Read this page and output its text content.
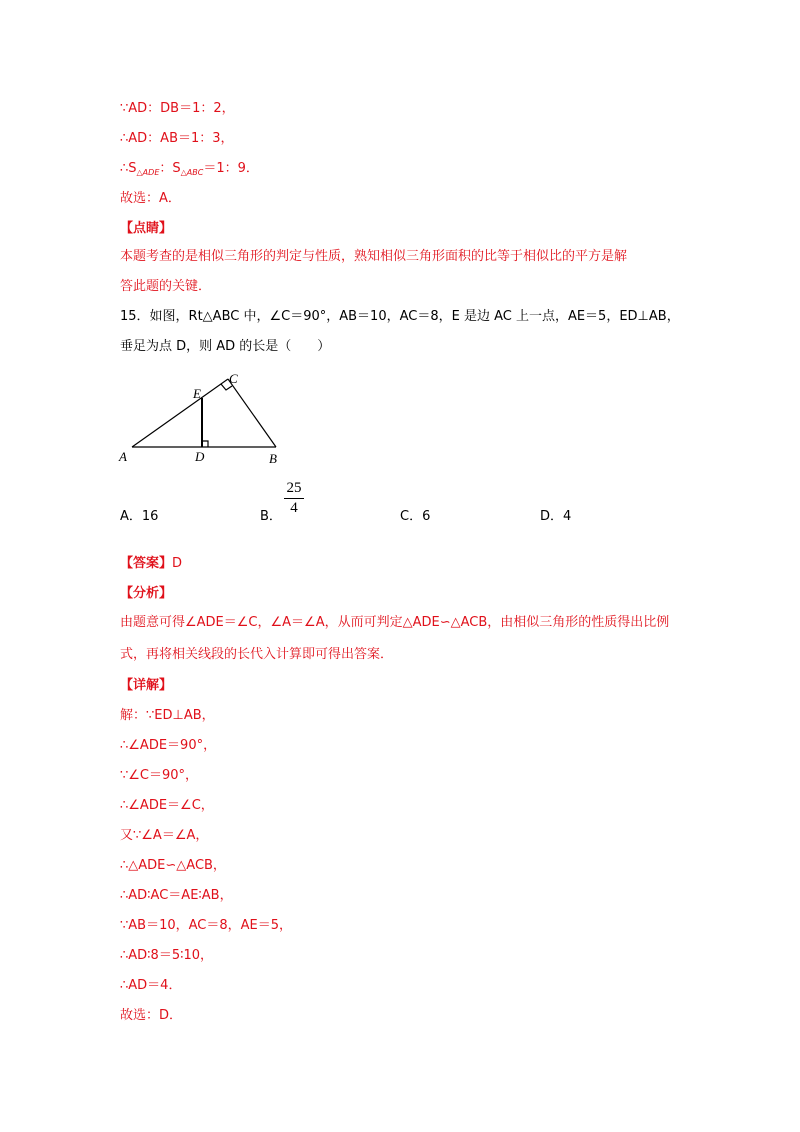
∵AD：DB＝1：2，
∴AD：AB＝1：3，
$\therefore S_{\triangle ADE}$：$S_{\triangle ABC}=1$：9．
故选：A．
【点睛】
本题考查的是相似三角形的判定与性质，熟知相似三角形面积的比等于相似比的平方是解
答此题的关键．
15．如图，Rt△ABC 中，∠C＝90°，AB＝10，AC＝8，E 是边 AC 上一点，AE＝5，ED⊥AB，
垂足为点 D，则 AD 的长是（　　）
A	D	B
E
C
A．16	B．
25
4
C．6	D．4
【答案】D
【分析】
由题意可得∠ADE＝∠C，∠A＝∠A，从而可判定△ADE∽△ACB，由相似三角形的性质得出比例
式，再将相关线段的长代入计算即可得出答案．
【详解】
解：∵ED⊥AB，
∴∠ADE＝90°，
∵∠C＝90°，
∴∠ADE＝∠C，
又∵∠A＝∠A，
∴△ADE∽△ACB，
∴AD∶AC＝AE∶AB，
∵AB＝10，AC＝8，AE＝5，
∴AD∶8＝5∶10，
∴AD＝4．
故选：D．
